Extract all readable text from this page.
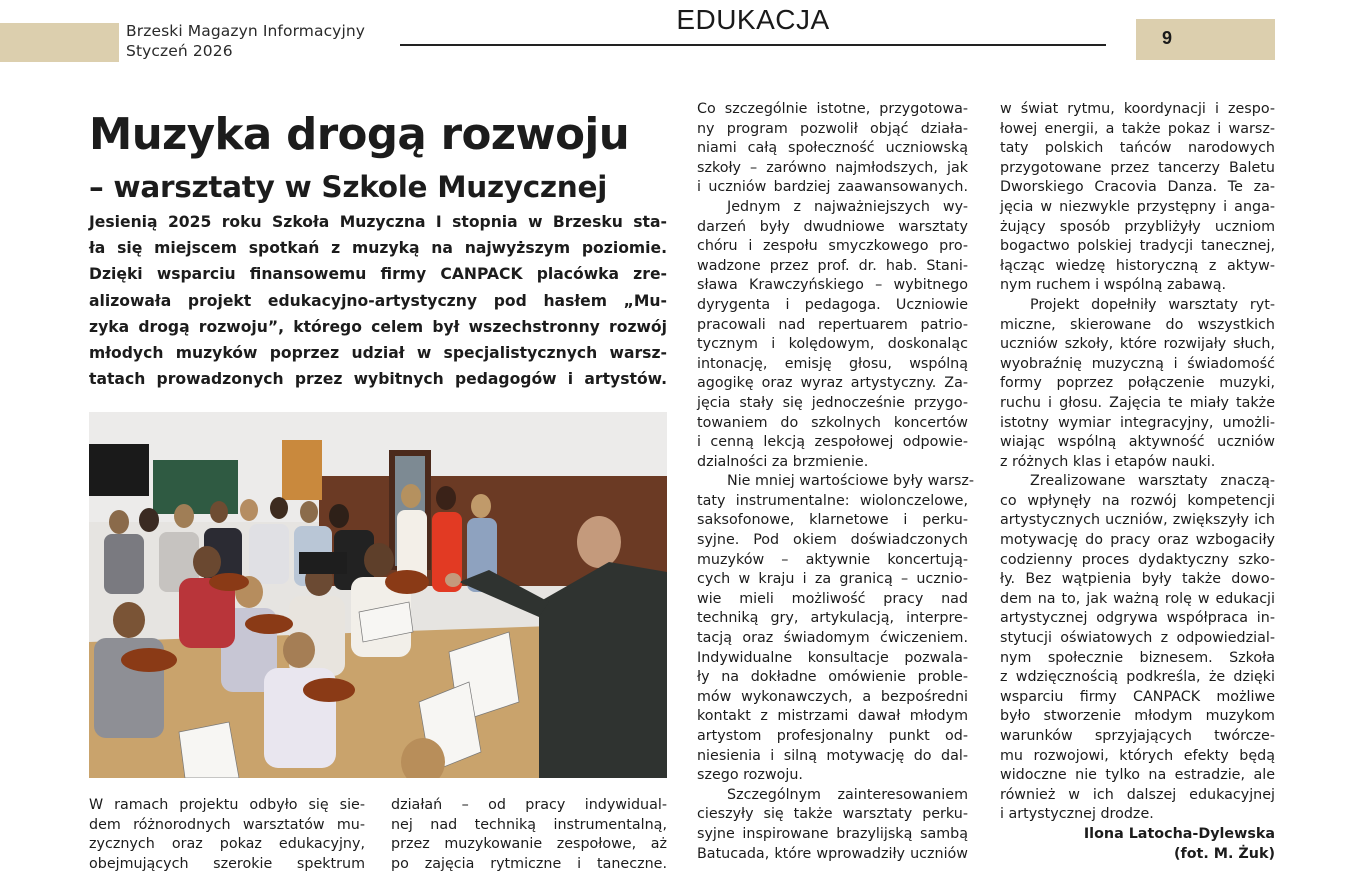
Brzeski Magazyn Informacyjny
Styczeń 2026
EDUKACJA
9
Muzyka drogą rozwoju
– warsztaty w Szkole Muzycznej
Jesienią 2025 roku Szkoła Muzyczna I stopnia w Brzesku sta-
ła się miejscem spotkań z muzyką na najwyższym poziomie.
Dzięki wsparciu finansowemu firmy CANPACK placówka zre-
alizowała projekt edukacyjno-artystyczny pod hasłem „Mu-
zyka drogą rozwoju”, którego celem był wszechstronny rozwój
młodych muzyków poprzez udział w specjalistycznych warsz-
tatach prowadzonych przez wybitnych pedagogów i artystów.
W ramach projektu odbyło się sie-
dem różnorodnych warsztatów mu-
zycznych oraz pokaz edukacyjny,
obejmujących szerokie spektrum
działań – od pracy indywidual-
nej nad techniką instrumentalną,
przez muzykowanie zespołowe, aż
po zajęcia rytmiczne i taneczne.
Co szczególnie istotne, przygotowa-
ny program pozwolił objąć działa-
niami całą społeczność uczniowską
szkoły – zarówno najmłodszych, jak
i uczniów bardziej zaawansowanych.
Jednym z najważniejszych wy-
darzeń były dwudniowe warsztaty
chóru i zespołu smyczkowego pro-
wadzone przez prof. dr. hab. Stani-
sława Krawczyńskiego – wybitnego
dyrygenta i pedagoga. Uczniowie
pracowali nad repertuarem patrio-
tycznym i kolędowym, doskonaląc
intonację, emisję głosu, wspólną
agogikę oraz wyraz artystyczny. Za-
jęcia stały się jednocześnie przygo-
towaniem do szkolnych koncertów
i cenną lekcją zespołowej odpowie-
dzialności za brzmienie.
Nie mniej wartościowe były warsz-
taty instrumentalne: wiolonczelowe,
saksofonowe, klarnetowe i perku-
syjne. Pod okiem doświadczonych
muzyków – aktywnie koncertują-
cych w kraju i za granicą – ucznio-
wie mieli możliwość pracy nad
techniką gry, artykulacją, interpre-
tacją oraz świadomym ćwiczeniem.
Indywidualne konsultacje pozwala-
ły na dokładne omówienie proble-
mów wykonawczych, a bezpośredni
kontakt z mistrzami dawał młodym
artystom profesjonalny punkt od-
niesienia i silną motywację do dal-
szego rozwoju.
Szczególnym zainteresowaniem
cieszyły się także warsztaty perku-
syjne inspirowane brazylijską sambą
Batucada, które wprowadziły uczniów
w świat rytmu, koordynacji i zespo-
łowej energii, a także pokaz i warsz-
taty polskich tańców narodowych
przygotowane przez tancerzy Baletu
Dworskiego Cracovia Danza. Te za-
jęcia w niezwykle przystępny i anga-
żujący sposób przybliżyły uczniom
bogactwo polskiej tradycji tanecznej,
łącząc wiedzę historyczną z aktyw-
nym ruchem i wspólną zabawą.
Projekt dopełniły warsztaty ryt-
miczne, skierowane do wszystkich
uczniów szkoły, które rozwijały słuch,
wyobraźnię muzyczną i świadomość
formy poprzez połączenie muzyki,
ruchu i głosu. Zajęcia te miały także
istotny wymiar integracyjny, umożli-
wiając wspólną aktywność uczniów
z różnych klas i etapów nauki.
Zrealizowane warsztaty znaczą-
co wpłynęły na rozwój kompetencji
artystycznych uczniów, zwiększyły ich
motywację do pracy oraz wzbogaciły
codzienny proces dydaktyczny szko-
ły. Bez wątpienia były także dowo-
dem na to, jak ważną rolę w edukacji
artystycznej odgrywa współpraca in-
stytucji oświatowych z odpowiedzial-
nym społecznie biznesem. Szkoła
z wdzięcznością podkreśla, że dzięki
wsparciu firmy CANPACK możliwe
było stworzenie młodym muzykom
warunków sprzyjających twórcze-
mu rozwojowi, których efekty będą
widoczne nie tylko na estradzie, ale
również w ich dalszej edukacyjnej
i artystycznej drodze.
Ilona Latocha-Dylewska
(fot. M. Żuk)
